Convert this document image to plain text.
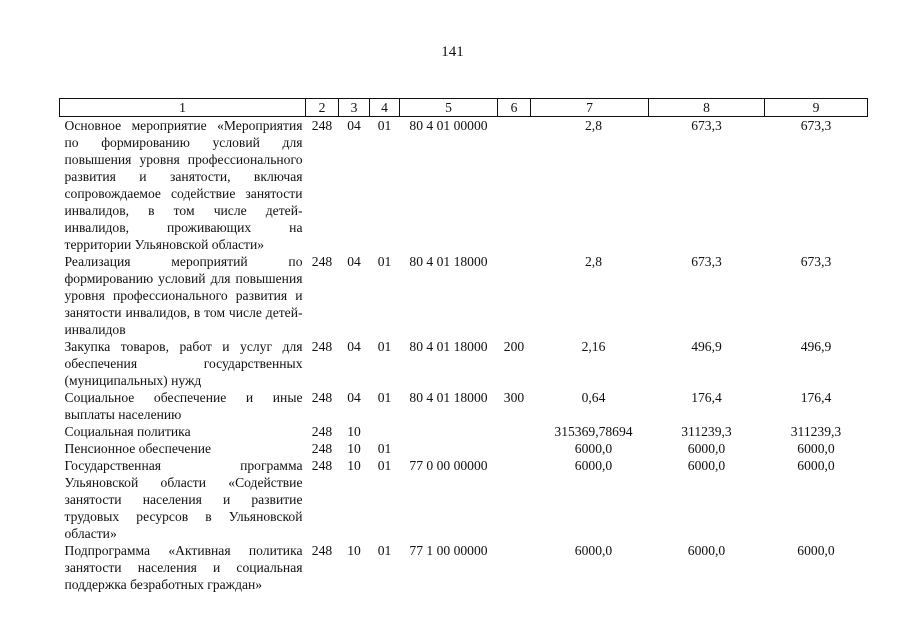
141
1	2	3	4	5	6	7	8	9
Основное мероприятие «Мероприятия по формированию условий для повышения уровня профессионального развития и занятости, включая сопровождаемое содействие занятости инвалидов, в том числе детей-инвалидов, проживающих на территории Ульяновской области»	248	04	01	80 4 01 00000		2,8	673,3	673,3
Реализация мероприятий по формированию условий для повышения уровня профессионального развития и занятости инвалидов, в том числе детей-инвалидов	248	04	01	80 4 01 18000		2,8	673,3	673,3
Закупка товаров, работ и услуг для обеспечения государственных (муниципальных) нужд	248	04	01	80 4 01 18000	200	2,16	496,9	496,9
Социальное обеспечение и иные выплаты населению	248	04	01	80 4 01 18000	300	0,64	176,4	176,4
Социальная политика	248	10				315369,78694	311239,3	311239,3
Пенсионное обеспечение	248	10	01			6000,0	6000,0	6000,0
Государственная программа Ульяновской области «Содействие занятости населения и развитие трудовых ресурсов в Ульяновской области»	248	10	01	77 0 00 00000		6000,0	6000,0	6000,0
Подпрограмма «Активная политика занятости населения и социальная поддержка безработных граждан»	248	10	01	77 1 00 00000		6000,0	6000,0	6000,0
